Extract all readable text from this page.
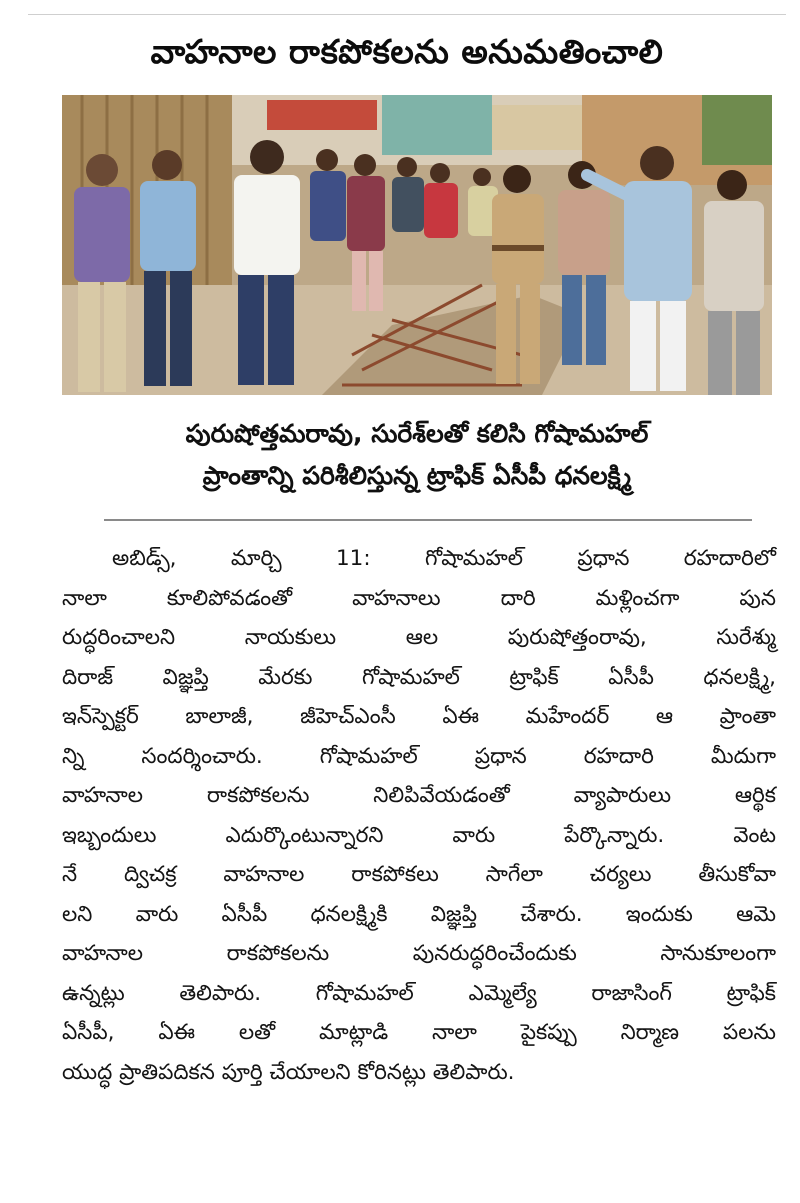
వాహనాల రాకపోకలను అనుమతించాలి
పురుషోత్తమరావు, సురేశ్‌లతో కలిసి గోషామహల్
ప్రాంతాన్ని పరిశీలిస్తున్న ట్రాఫిక్ ఏసీపీ ధనలక్ష్మి
అబిడ్స్, మార్చి 11: గోషామహల్ ప్రధాన రహదారిలో
నాలా కూలిపోవడంతో వాహనాలు దారి మళ్లించగా పున
రుద్ధరించాలని నాయకులు ఆల పురుషోత్తంరావు, సురేశ్ము
దిరాజ్ విజ్ఞప్తి మేరకు గోషామహల్ ట్రాఫిక్ ఏసీపీ ధనలక్ష్మి,
ఇన్‌స్పెక్టర్ బాలాజీ, జీహెచ్ఎంసీ ఏఈ మహేందర్ ఆ ప్రాంతా
న్ని సందర్శించారు. గోషామహల్ ప్రధాన రహదారి మీదుగా
వాహనాల రాకపోకలను నిలిపివేయడంతో వ్యాపారులు ఆర్థిక
ఇబ్బందులు ఎదుర్కొంటున్నారని వారు పేర్కొన్నారు. వెంట
నే ద్విచక్ర వాహనాల రాకపోకలు సాగేలా చర్యలు తీసుకోవా
లని వారు ఏసీపీ ధనలక్ష్మికి విజ్ఞప్తి చేశారు. ఇందుకు ఆమె
వాహనాల రాకపోకలను పునరుద్ధరించేందుకు సానుకూలంగా
ఉన్నట్లు తెలిపారు. గోషామహల్ ఎమ్మెల్యే రాజాసింగ్ ట్రాఫిక్
ఏసీపీ, ఏఈ లతో మాట్లాడి నాలా పైకప్పు నిర్మాణ పలను
యుద్ధ ప్రాతిపదికన పూర్తి చేయాలని కోరినట్లు తెలిపారు.
